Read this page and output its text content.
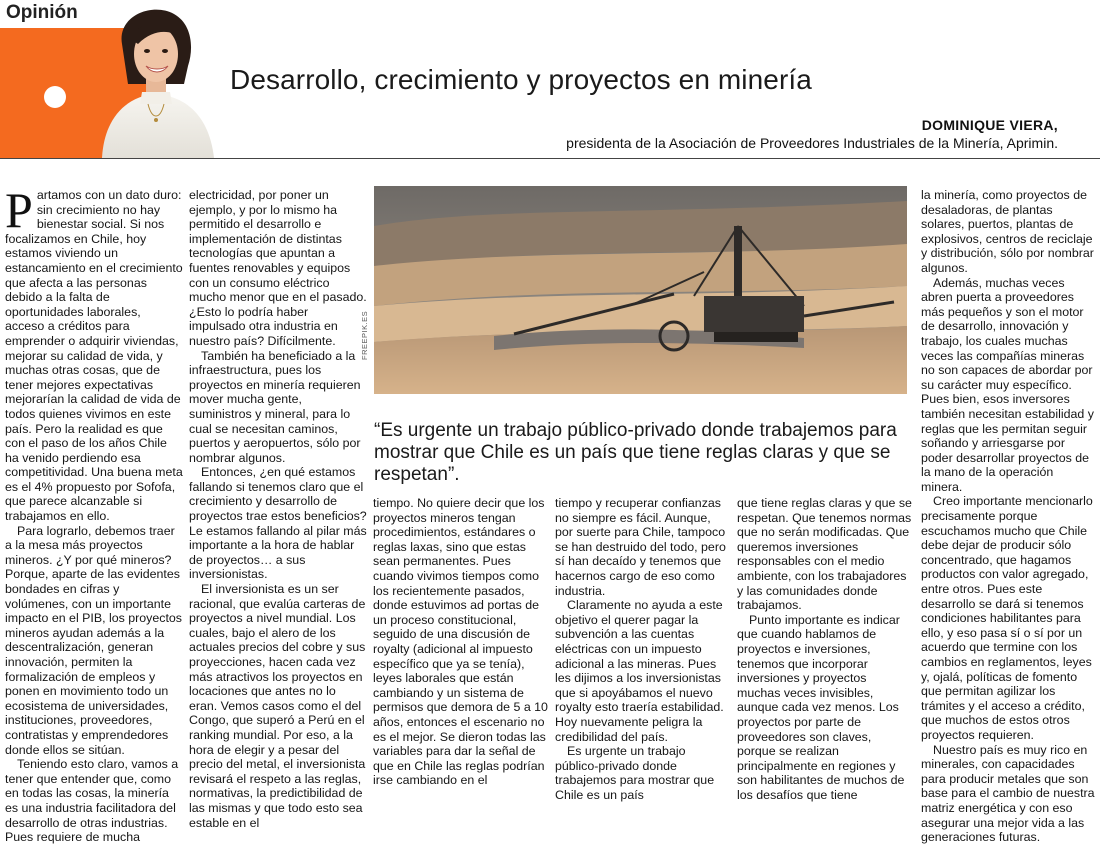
Opinión
Desarrollo, crecimiento y proyectos en minería
DOMINIQUE VIERA,
presidenta de la Asociación de Proveedores Industriales de la Minería, Aprimin.

Partamos con un dato duro: sin crecimiento no hay bienestar social. Si nos focalizamos en Chile, hoy estamos viviendo un estancamiento en el crecimiento que afecta a las personas debido a la falta de oportunidades laborales, acceso a créditos para emprender o adquirir viviendas, mejorar su calidad de vida, y muchas otras cosas, que de tener mejores expectativas mejorarían la calidad de vida de todos quienes vivimos en este país. Pero la realidad es que con el paso de los años Chile ha venido perdiendo esa competitividad. Una buena meta es el 4% propuesto por Sofofa, que parece alcanzable si trabajamos en ello.

Para lograrlo, debemos traer a la mesa más proyectos mineros. ¿Y por qué mineros? Porque, aparte de las evidentes bondades en cifras y volúmenes, con un importante impacto en el PIB, los proyectos mineros ayudan además a la descentralización, generan innovación, permiten la formalización de empleos y ponen en movimiento todo un ecosistema de universidades, instituciones, proveedores, contratistas y emprendedores donde ellos se sitúan.

Teniendo esto claro, vamos a tener que entender que, como en todas las cosas, la minería es una industria facilitadora del desarrollo de otras industrias. Pues requiere de mucha

electricidad, por poner un ejemplo, y por lo mismo ha permitido el desarrollo e implementación de distintas tecnologías que apuntan a fuentes renovables y equipos con un consumo eléctrico mucho menor que en el pasado. ¿Esto lo podría haber impulsado otra industria en nuestro país? Difícilmente.

También ha beneficiado a la infraestructura, pues los proyectos en minería requieren mover mucha gente, suministros y mineral, para lo cual se necesitan caminos, puertos y aeropuertos, sólo por nombrar algunos.

Entonces, ¿en qué estamos fallando si tenemos claro que el crecimiento y desarrollo de proyectos trae estos beneficios? Le estamos fallando al pilar más importante a la hora de hablar de proyectos… a sus inversionistas.

El inversionista es un ser racional, que evalúa carteras de proyectos a nivel mundial. Los cuales, bajo el alero de los actuales precios del cobre y sus proyecciones, hacen cada vez más atractivos los proyectos en locaciones que antes no lo eran. Vemos casos como el del Congo, que superó a Perú en el ranking mundial. Por eso, a la hora de elegir y a pesar del precio del metal, el inversionista revisará el respeto a las reglas, normativas, la predictibilidad de las mismas y que todo esto sea estable en el

FREEPIK.ES
“Es urgente un trabajo público-privado donde trabajemos para mostrar que Chile es un país que tiene reglas claras y que se respetan”.

tiempo. No quiere decir que los proyectos mineros tengan procedimientos, estándares o reglas laxas, sino que estas sean permanentes. Pues cuando vivimos tiempos como los recientemente pasados, donde estuvimos ad portas de un proceso constitucional, seguido de una discusión de royalty (adicional al impuesto específico que ya se tenía), leyes laborales que están cambiando y un sistema de permisos que demora de 5 a 10 años, entonces el escenario no es el mejor. Se dieron todas las variables para dar la señal de que en Chile las reglas podrían irse cambiando en el

tiempo y recuperar confianzas no siempre es fácil. Aunque, por suerte para Chile, tampoco se han destruido del todo, pero sí han decaído y tenemos que hacernos cargo de eso como industria.

Claramente no ayuda a este objetivo el querer pagar la subvención a las cuentas eléctricas con un impuesto adicional a las mineras. Pues les dijimos a los inversionistas que si apoyábamos el nuevo royalty esto traería estabilidad. Hoy nuevamente peligra la credibilidad del país.

Es urgente un trabajo público-privado donde trabajemos para mostrar que Chile es un país

que tiene reglas claras y que se respetan. Que tenemos normas que no serán modificadas. Que queremos inversiones responsables con el medio ambiente, con los trabajadores y las comunidades donde trabajamos.

Punto importante es indicar que cuando hablamos de proyectos e inversiones, tenemos que incorporar inversiones y proyectos muchas veces invisibles, aunque cada vez menos. Los proyectos por parte de proveedores son claves, porque se realizan principalmente en regiones y son habilitantes de muchos de los desafíos que tiene

la minería, como proyectos de desaladoras, de plantas solares, puertos, plantas de explosivos, centros de reciclaje y distribución, sólo por nombrar algunos.

Además, muchas veces abren puerta a proveedores más pequeños y son el motor de desarrollo, innovación y trabajo, los cuales muchas veces las compañías mineras no son capaces de abordar por su carácter muy específico. Pues bien, esos inversores también necesitan estabilidad y reglas que les permitan seguir soñando y arriesgarse por poder desarrollar proyectos de la mano de la operación minera.

Creo importante mencionarlo precisamente porque escuchamos mucho que Chile debe dejar de producir sólo concentrado, que hagamos productos con valor agregado, entre otros. Pues este desarrollo se dará si tenemos condiciones habilitantes para ello, y eso pasa sí o sí por un acuerdo que termine con los cambios en reglamentos, leyes y, ojalá, políticas de fomento que permitan agilizar los trámites y el acceso a crédito, que muchos de estos otros proyectos requieren.

Nuestro país es muy rico en minerales, con capacidades para producir metales que son base para el cambio de nuestra matriz energética y con eso asegurar una mejor vida a las generaciones futuras.
